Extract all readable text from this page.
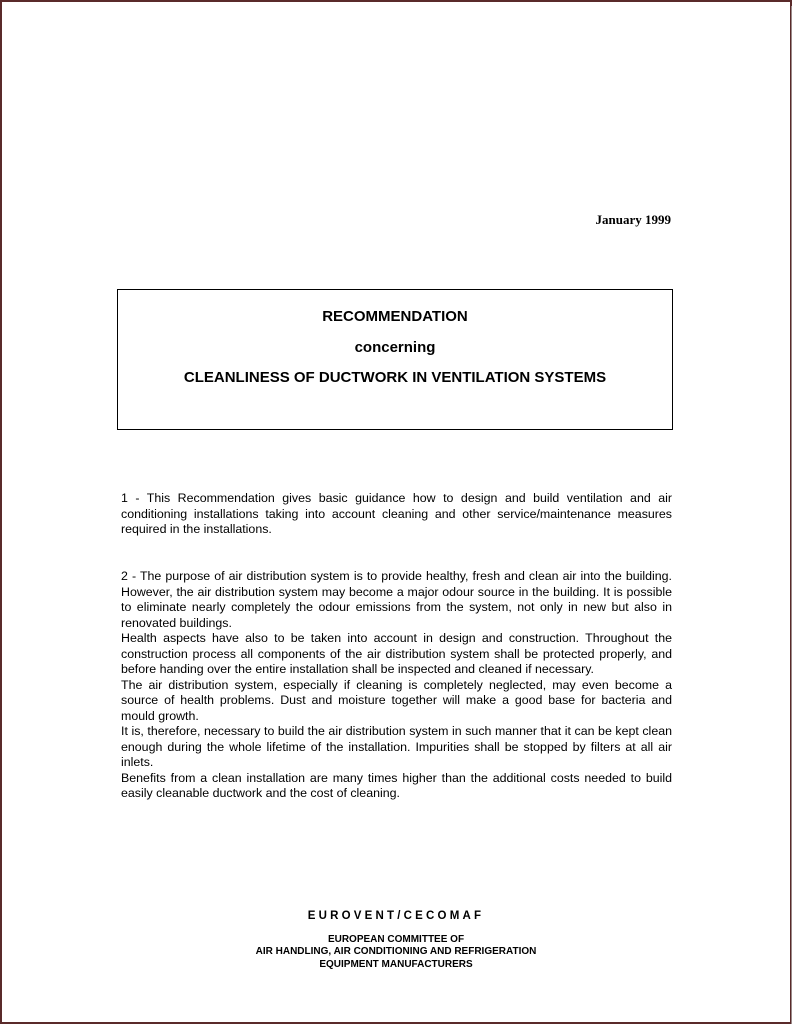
January 1999
RECOMMENDATION
concerning
CLEANLINESS OF DUCTWORK IN VENTILATION SYSTEMS

1 - This Recommendation gives basic guidance how to design and build ventilation and air conditioning installations taking into account cleaning and other service/maintenance measures required in the installations.

2 - The purpose of air distribution system is to provide healthy, fresh and clean air into the building. However, the air distribution system may become a major odour source in the building. It is possible to eliminate nearly completely the odour emissions from the system, not only in new but also in renovated buildings.

Health aspects have also to be taken into account in design and construction. Throughout the construction process all components of the air distribution system shall be protected properly, and before handing over the entire installation shall be inspected and cleaned if necessary.

The air distribution system, especially if cleaning is completely neglected, may even become a source of health problems. Dust and moisture together will make a good base for bacteria and mould growth.

It is, therefore, necessary to build the air distribution system in such manner that it can be kept clean enough during the whole lifetime of the installation. Impurities shall be stopped by filters at all air inlets.

Benefits from a clean installation are many times higher than the additional costs needed to build easily cleanable ductwork and the cost of cleaning.

EUROVENT/CECOMAF
EUROPEAN COMMITTEE OF
AIR HANDLING, AIR CONDITIONING AND REFRIGERATION
EQUIPMENT MANUFACTURERS
